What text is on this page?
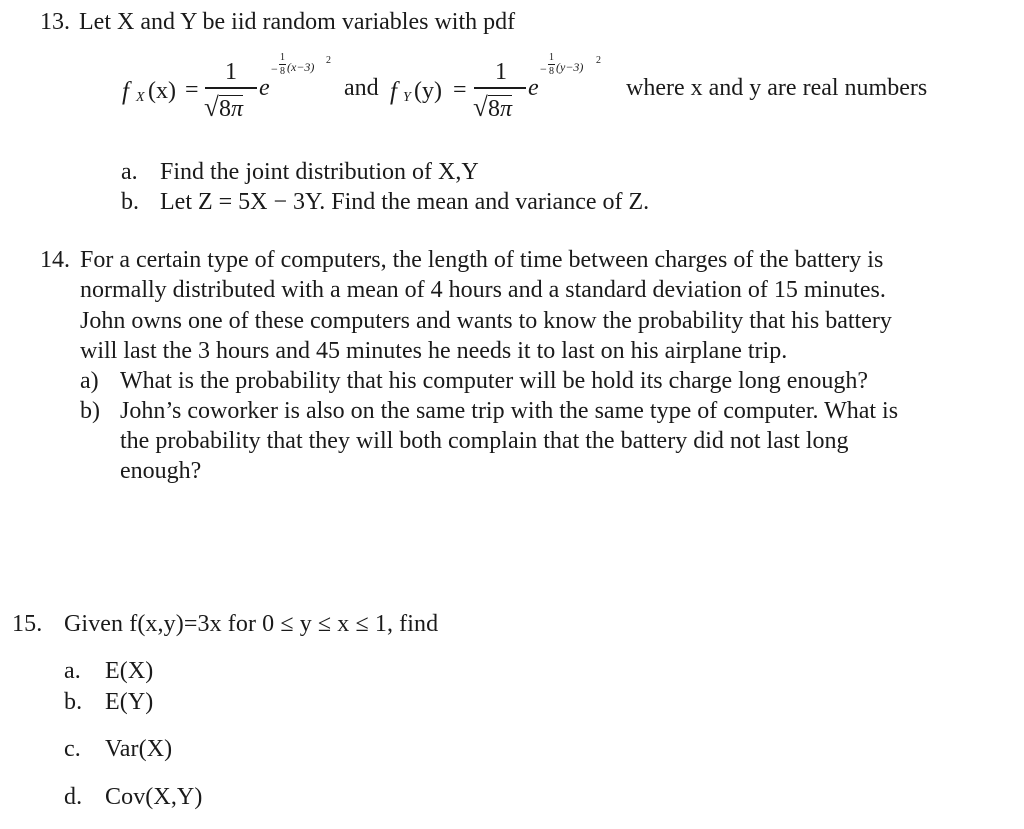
13. Let X and Y be iid random variables with pdf
f X (x) =
1
√ 8π
e
−
1
8 (x−3) 2
and f Y (y) =
1
√ 8π
e
−
1
8 (y−3) 2
where x and y are real numbers
a. Find the joint distribution of X,Y
b. Let Z = 5X − 3Y. Find the mean and variance of Z.
14. For a certain type of computers, the length of time between charges of the battery is
normally distributed with a mean of 4 hours and a standard deviation of 15 minutes.
John owns one of these computers and wants to know the probability that his battery
will last the 3 hours and 45 minutes he needs it to last on his airplane trip.
a) What is the probability that his computer will be hold its charge long enough?
b) John’s coworker is also on the same trip with the same type of computer. What is
the probability that they will both complain that the battery did not last long
enough?
15. Given f(x,y)=3x for 0 ≤ y ≤ x ≤ 1, find
a. E(X)
b. E(Y)
c. Var(X)
d. Cov(X,Y)
